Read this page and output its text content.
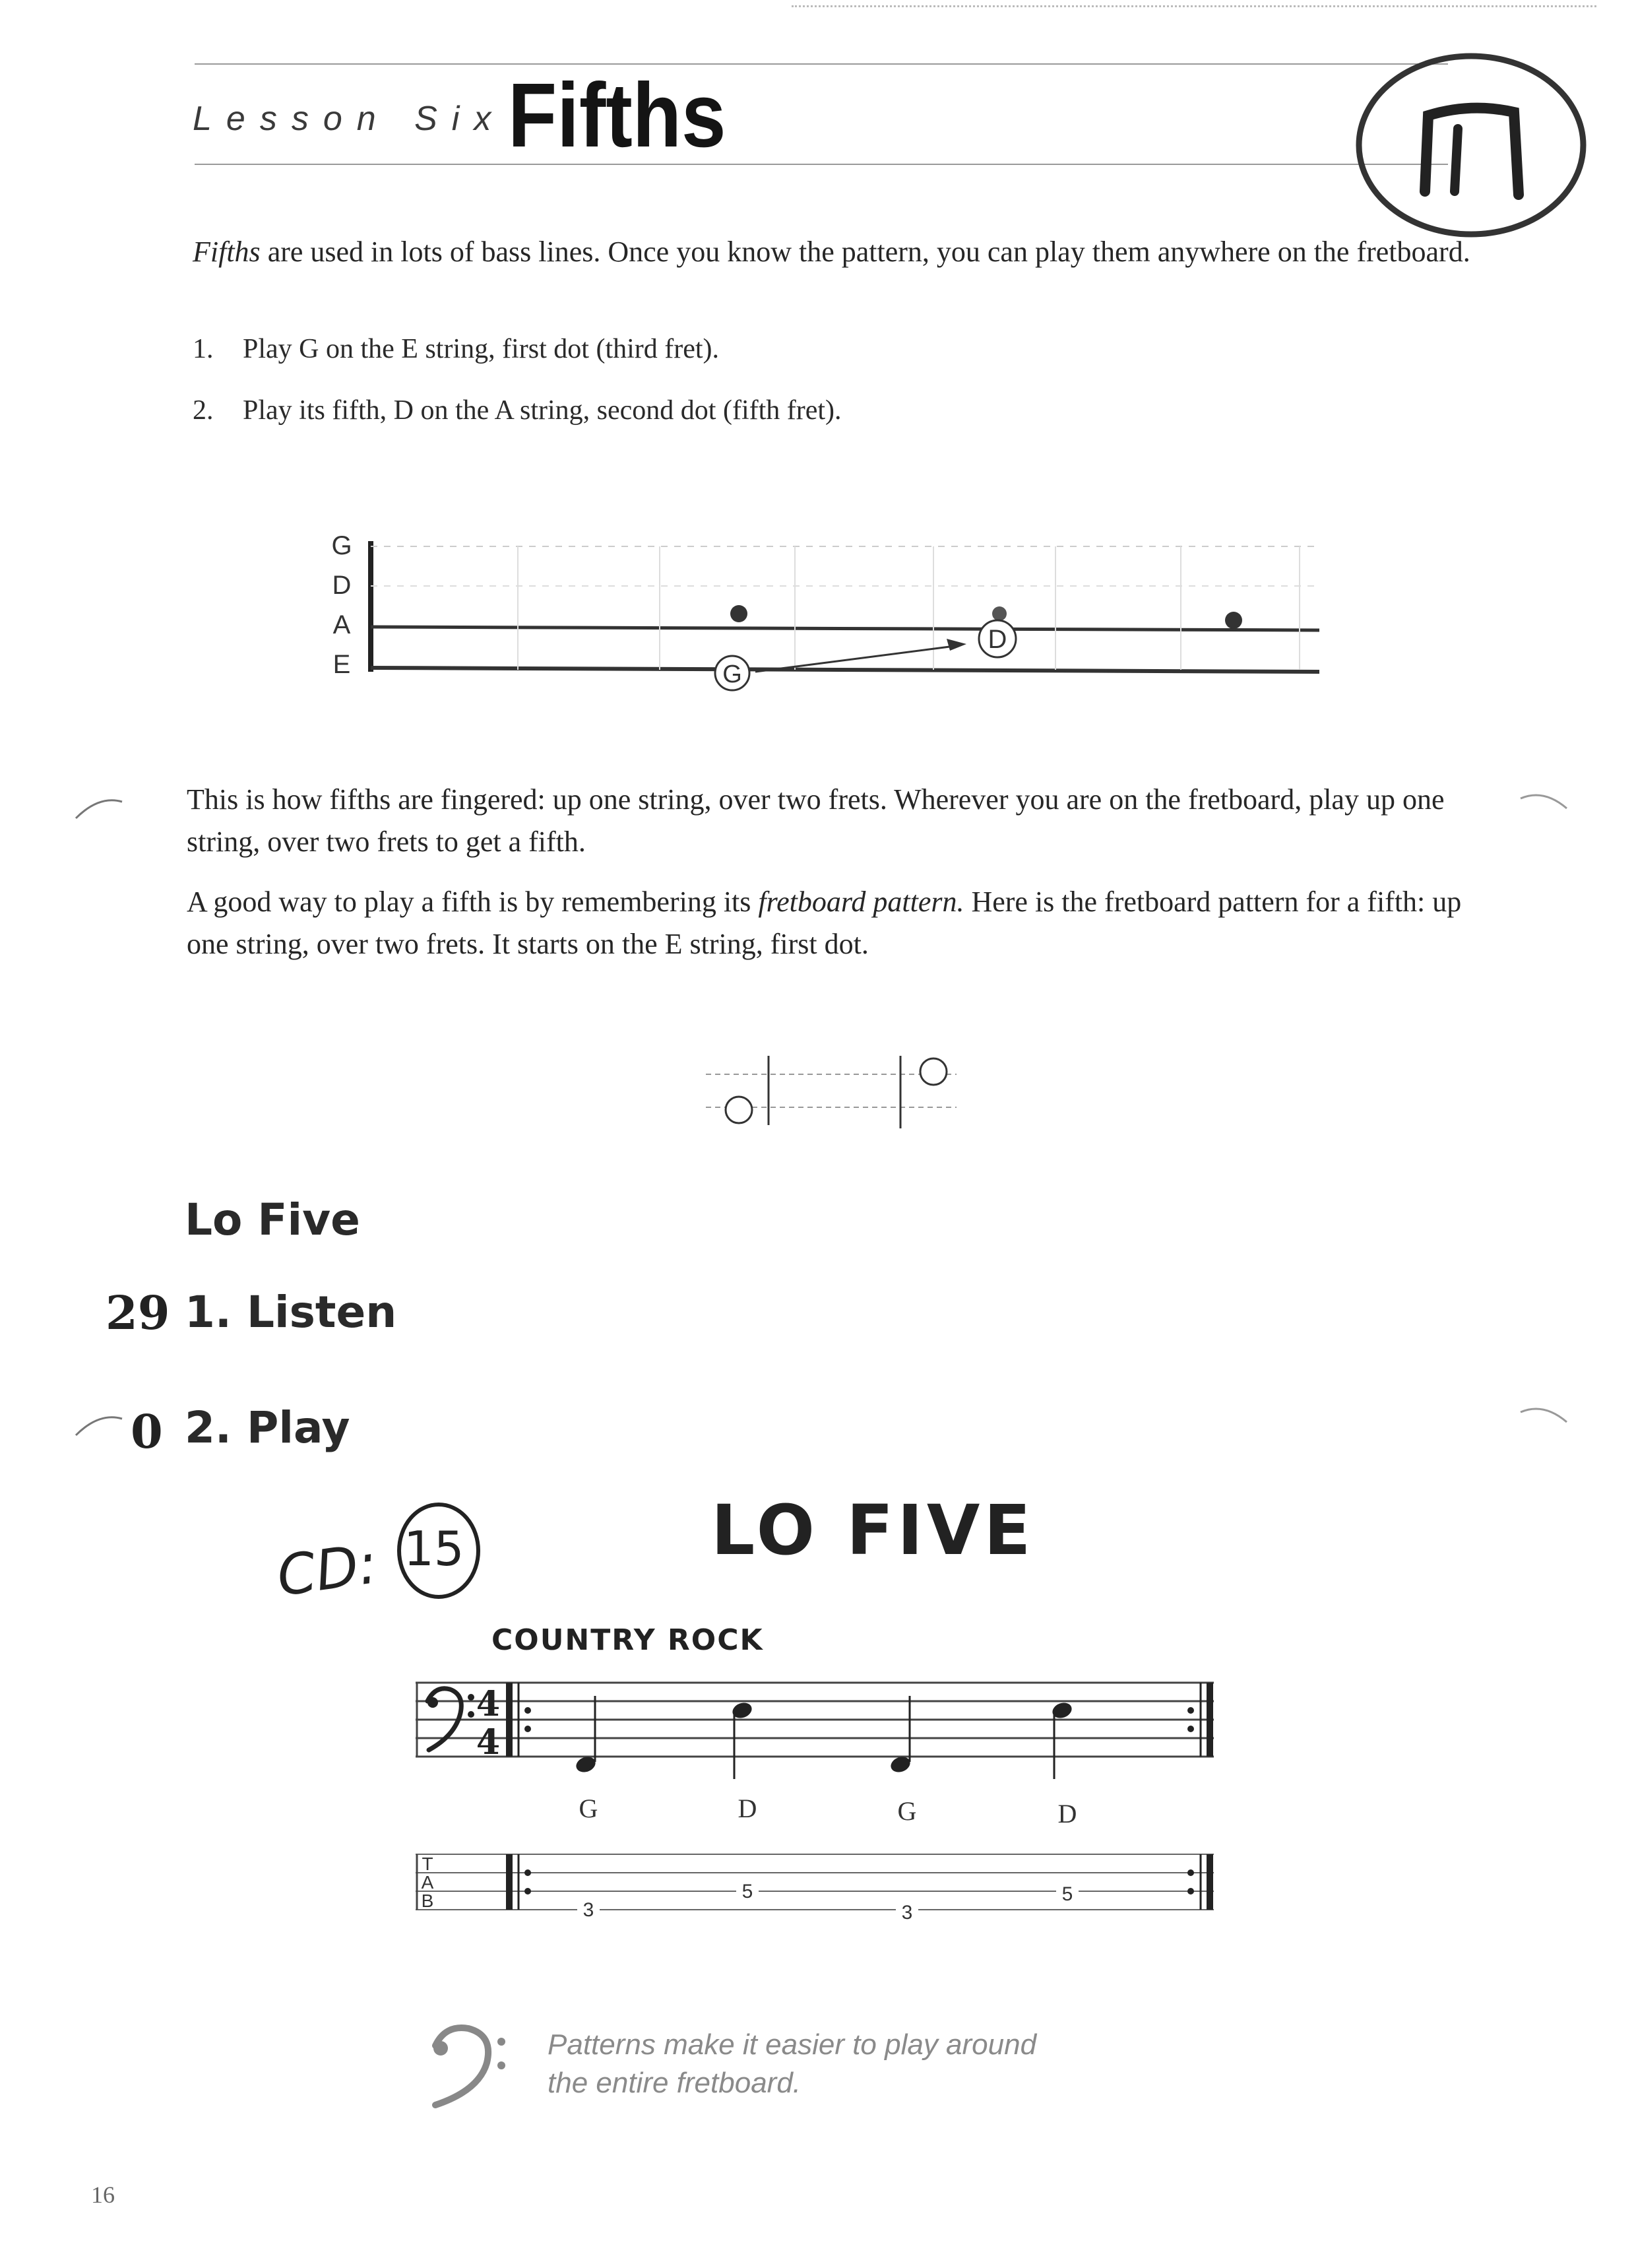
Lesson Six Fifths
Fifths are used in lots of bass lines. Once you know the pattern, you can play them anywhere on the fretboard.
1. Play G on the E string, first dot (third fret).
2. Play its fifth, D on the A string, second dot (fifth fret).
G
D
A
E	G
D
This is how fifths are fingered: up one string, over two frets. Wherever you are on the fretboard, play up one string, over two frets to get a fifth.
A good way to play a fifth is by remembering its fretboard pattern. Here is the fretboard pattern for a fifth: up one string, over two frets. It starts on the E string, first dot.
Lo Five
29 1. Listen
0 2. Play
CD: 15	LO FIVE
COUNTRY ROCK
4
4
G	D	G	D
T
A
B	3
5
3
5
Patterns make it easier to play around
the entire fretboard.
16
